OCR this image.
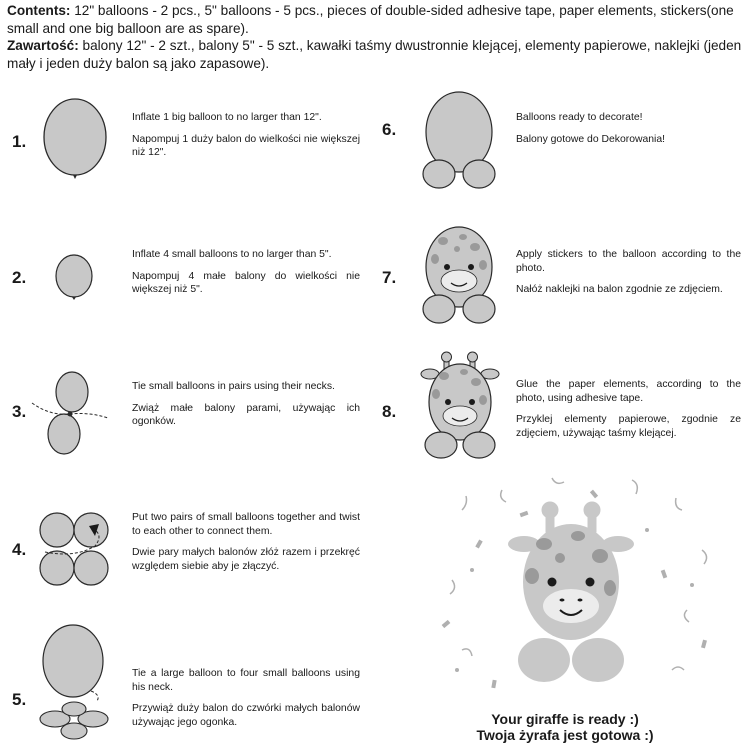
Contents: 12" balloons - 2 pcs., 5" balloons - 5 pcs., pieces of double-sided adhesive tape, paper elements, stickers(one small and one big balloon are as spare).

Zawartość: balony 12" - 2 szt., balony 5" - 5 szt., kawałki taśmy dwustronnie klejącej, elementy papierowe, naklejki (jeden mały i jeden duży balon są jako zapasowe).

1.

Inflate 1 big balloon to no larger than 12".

Napompuj 1 duży balon do wielkości nie większej niż 12".

2.

Inflate 4 small balloons to no larger than 5".

Napompuj 4 małe balony do wielkości nie większej niż 5".

3.

Tie small balloons in pairs using their necks.

Zwiąż małe balony parami, używając ich ogonków.

4.

Put two pairs of small balloons together and twist to each other to connect them.

Dwie pary małych balonów złóż razem i przekręć względem siebie aby je złączyć.

5.

Tie a large balloon to four small balloons using his neck.

Przywiąż duży balon do czwórki małych balonów używając jego ogonka.

6.

Balloons ready to decorate!

Balony gotowe do Dekorowania!

7.

Apply stickers to the balloon according to the photo.

Nałóż naklejki na balon zgodnie ze zdjęciem.

8.

Glue the paper elements, according to the photo, using adhesive tape.

Przyklej elementy papierowe, zgodnie ze zdjęciem, używając taśmy klejącej.

Your giraffe is ready :)
Twoja żyrafa jest gotowa :)
